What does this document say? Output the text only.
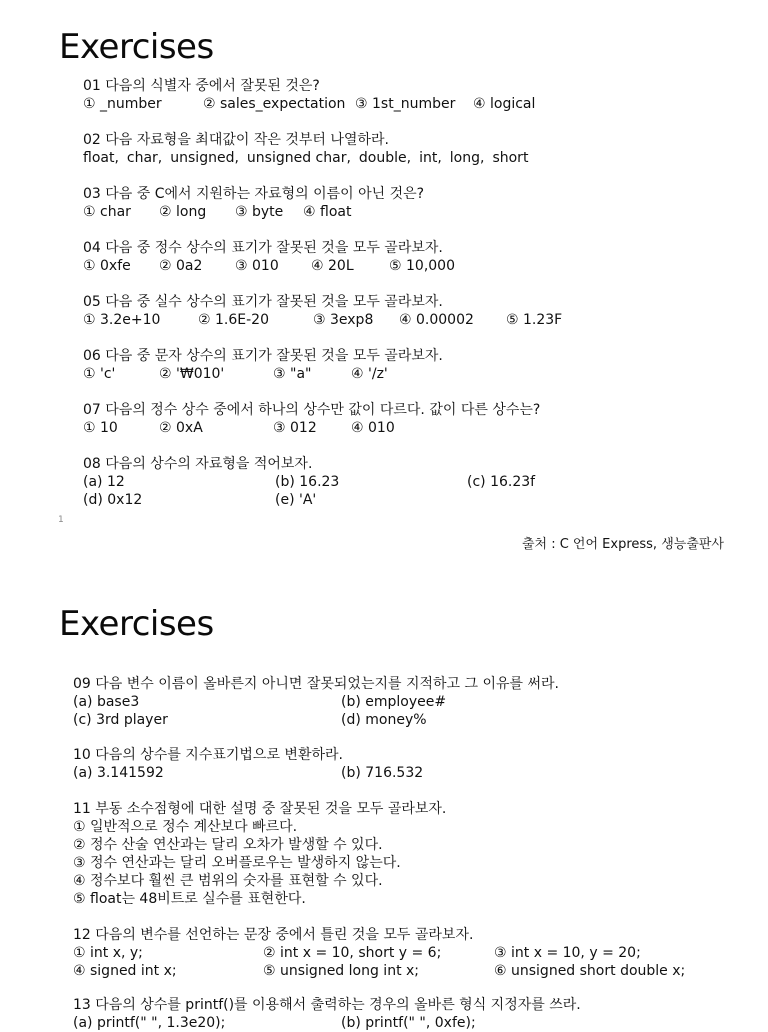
Exercises

01 다음의 식별자 중에서 잘못된 것은?

① _number	② sales_expectation ③ 1st_number ④ logical

02 다음 자료형을 최대값이 작은 것부터 나열하라.

float, char, unsigned, unsigned char, double, int, long, short

03 다음 중 C에서 지원하는 자료형의 이름이 아닌 것은?

① char ② long ③ byte ④ float

04 다음 중 정수 상수의 표기가 잘못된 것을 모두 골라보자.

① 0xfe ② 0a2 ③ 010 ④ 20L	⑤ 10,000

05 다음 중 실수 상수의 표기가 잘못된 것을 모두 골라보자.

① 3.2e+10	② 1.6E-20	③ 3exp8 ④ 0.00002 ⑤ 1.23F

06 다음 중 문자 상수의 표기가 잘못된 것을 모두 골라보자.

① 'c'	② '₩010'	③ "a"	④ '/z'

07 다음의 정수 상수 중에서 하나의 상수만 값이 다르다. 값이 다른 상수는?

① 10	② 0xA	③ 012 ④ 010

08 다음의 상수의 자료형을 적어보자.

(a) 12	(b) 16.23	(c) 16.23f

(d) 0x12	(e) 'A'

1
출처 : C 언어 Express, 생능출판사
Exercises

09 다음 변수 이름이 올바른지 아니면 잘못되었는지를 지적하고 그 이유를 써라.

(a) base3	(b) employee#

(c) 3rd player	(d) money%

10 다음의 상수를 지수표기법으로 변환하라.

(a) 3.141592	(b) 716.532

11 부동 소수점형에 대한 설명 중 잘못된 것을 모두 골라보자.

① 일반적으로 정수 계산보다 빠르다.

② 정수 산술 연산과는 달리 오차가 발생할 수 있다.

③ 정수 연산과는 달리 오버플로우는 발생하지 않는다.

④ 정수보다 훨씬 큰 범위의 숫자를 표현할 수 있다.

⑤ float는 48비트로 실수를 표현한다.

12 다음의 변수를 선언하는 문장 중에서 틀린 것을 모두 골라보자.

① int x, y;	② int x = 10, short y = 6;	③ int x = 10, y = 20;

④ signed int x;	⑤ unsigned long int x;	⑥ unsigned short double x;

13 다음의 상수를 printf()를 이용해서 출력하는 경우의 올바른 형식 지정자를 쓰라.

(a) printf(" ", 1.3e20);	(b) printf(" ", 0xfe);
